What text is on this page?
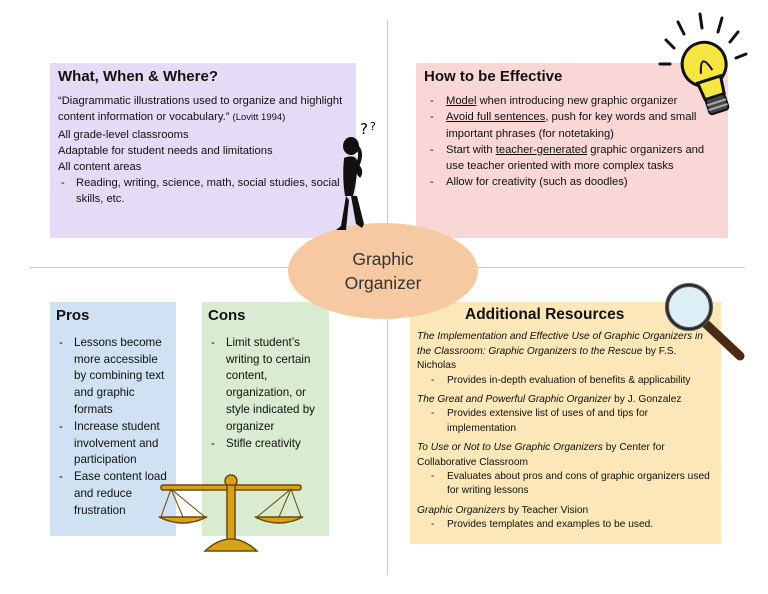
What, When & Where?

“Diagrammatic illustrations used to organize and highlight content information or vocabulary.” (Lovitt 1994)

All grade-level classrooms

Adaptable for student needs and limitations

All content areas

- Reading, writing, science, math, social studies, social skills, etc.
How to be Effective
- Model when introducing new graphic organizer
- Avoid full sentences, push for key words and small important phrases (for notetaking)
- Start with teacher-generated graphic organizers and use teacher oriented with more complex tasks
- Allow for creativity (such as doodles)
Pros
- Lessons become more accessible by combining text and graphic formats
- Increase student involvement and participation
- Ease content load and reduce frustration
Cons
- Limit student’s writing to certain content, organization, or style indicated by organizer
- Stifle creativity
Additional Resources
The Implementation and Effective Use of Graphic Organizers in the Classroom: Graphic Organizers to the Rescue by F.S. Nicholas
- Provides in-depth evaluation of benefits & applicability
The Great and Powerful Graphic Organizer by J. Gonzalez
- Provides extensive list of uses of and tips for implementation
To Use or Not to Use Graphic Organizers by Center for Collaborative Classroom
- Evaluates about pros and cons of graphic organizers used for writing lessons
Graphic Organizers by Teacher Vision
- Provides templates and examples to be used.
Graphic
Organizer
? ?
